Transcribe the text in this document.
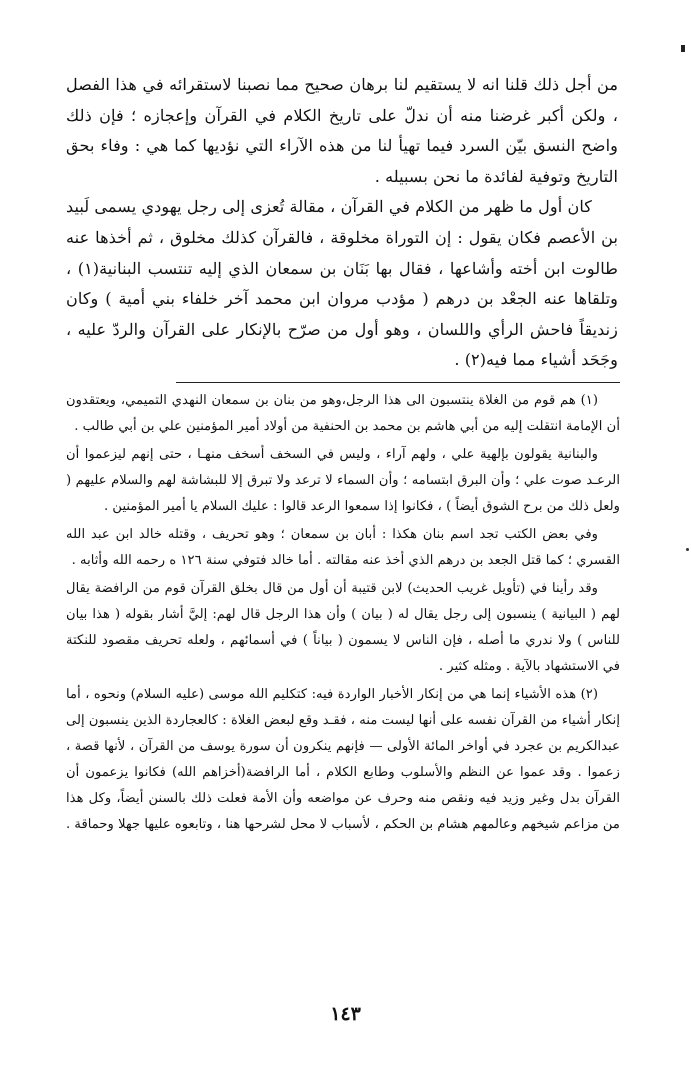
من أجل ذلك قلنا انه لا يستقيم لنا برهان صحيح مما نصبنا لاستقرائه في هذا الفصل ، ولكن أكبر غرضنا منه أن ندلّ على تاريخ الكلام في القرآن وإعجازه ؛ فإن ذلك واضح النسق بيّن السرد فيما تهيأ لنا من هذه الآراء التي نؤديها كما هي : وفاء بحق التاريخ وتوفية لفائدة ما نحن بسبيله .

كان أول ما ظهر من الكلام في القرآن ، مقالة تُعزى إلى رجل يهودي يسمى لَبيد بن الأعصم فكان يقول : إن التوراة مخلوقة ، فالقرآن كذلك مخلوق ، ثم أخذها عنه طالوت ابن أخته وأشاعها ، فقال بها بَنَان بن سمعان الذي إليه تنتسب البنانية(١) ، وتلقاها عنه الجعْد بن درهم ( مؤدب مروان ابن محمد آخر خلفاء بني أمية ) وكان زنديقاً فاحش الرأي واللسان ، وهو أول من صرّح بالإنكار على القرآن والردّ عليه ، وجَحَد أشياء مما فيه(٢) .

(١) هم قوم من الغلاة ينتسبون الى هذا الرجل،وهو من بنان بن سمعان النهدي التميمي، ويعتقدون أن الإمامة انتقلت إليه من أبي هاشم بن محمد بن الحنفية من أولاد أمير المؤمنين علي بن أبي طالب .

والبنانية يقولون بإلهية علي ، ولهم آراء ، وليس في السخف أسخف منهـا ، حتى إنهم ليزعموا أن الرعـد صوت علي ؛ وأن البرق ابتسامه ؛ وأن السماء لا ترعد ولا تبرق إلا للبشاشة لهم والسلام عليهم ( ولعل ذلك من برح الشوق أيضاً ) ، فكانوا إذا سمعوا الرعد قالوا : عليك السلام يا أمير المؤمنين .

وفي بعض الكتب تجد اسم بنان هكذا : أبان بن سمعان ؛ وهو تحريف ، وقتله خالد ابن عبد الله القسري ؛ كما قتل الجعد بن درهم الذي أخذ عنه مقالته . أما خالد فتوفي سنة ١٢٦ ه رحمه الله وأثابه .

وقد رأينا في (تأويل غريب الحديث) لابن قتيبة أن أول من قال بخلق القرآن قوم من الرافضة يقال لهم ( البيانية ) ينسبون إلى رجل يقال له ( بيان ) وأن هذا الرجل قال لهم: إليَّ أشار بقوله ( هذا بيان للناس ) ولا ندري ما أصله ، فإن الناس لا يسمون ( بياناً ) في أسمائهم ، ولعله تحريف مقصود للنكتة في الاستشهاد بالآية . ومثله كثير .

(٢) هذه الأشياء إنما هي من إنكار الأخبار الواردة فيه: كتكليم الله موسى (عليه السلام) ونحوه ، أما إنكار أشياء من القرآن نفسه على أنها ليست منه ، فقـد وقع لبعض الغلاة : كالعجاردة الذين ينسبون إلى عبدالكريم بن عجرد في أواخر المائة الأولى — فإنهم ينكرون أن سورة يوسف من القرآن ، لأنها قصة ، زعموا . وقد عموا عن النظم والأسلوب وطابع الكلام ، أما الرافضة(أخزاهم الله) فكانوا يزعمون أن القرآن بدل وغير وزيد فيه ونقص منه وحرف عن مواضعه وأن الأمة فعلت ذلك بالسنن أيضاً، وكل هذا من مزاعم شيخهم وعالمهم هشام بن الحكم ، لأسباب لا محل لشرحها هنا ، وتابعوه عليها جهلا وحماقة .

١٤٣
